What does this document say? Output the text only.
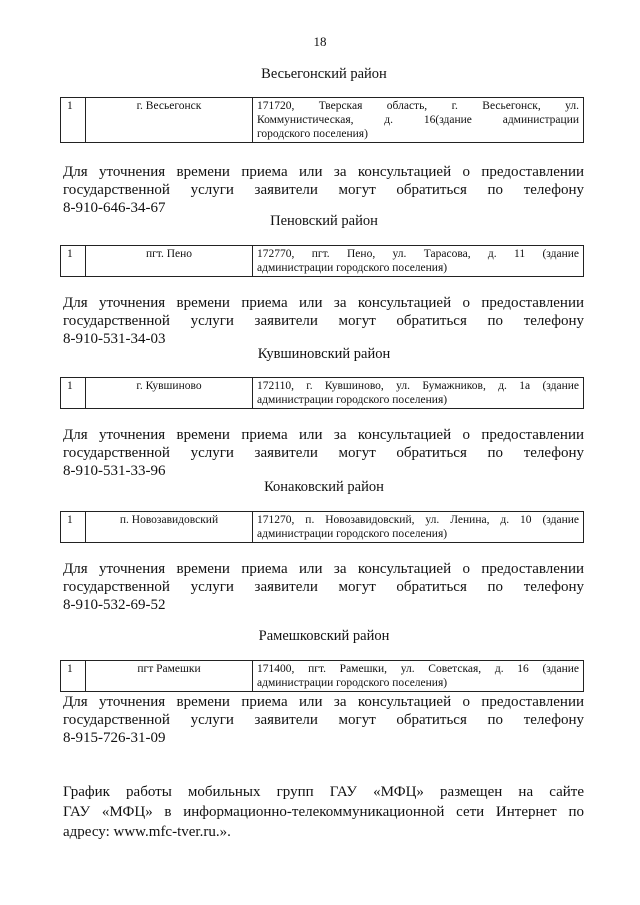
18
Весьегонский район
1	г. Весьегонск	171720, Тверская область, г. Весьегонск, ул.
Коммунистическая, д. 16(здание администрации
городского поселения)
Для уточнения времени приема или за консультацией о предоставлении
государственной услуги заявители могут обратиться по телефону
8-910-646-34-67
Пеновский район
1	пгт. Пено	172770, пгт. Пено, ул. Тарасова, д. 11 (здание
администрации городского поселения)
Для уточнения времени приема или за консультацией о предоставлении
государственной услуги заявители могут обратиться по телефону
8-910-531-34-03
Кувшиновский район
1	г. Кувшиново	172110, г. Кувшиново, ул. Бумажников, д. 1а (здание
администрации городского поселения)
Для уточнения времени приема или за консультацией о предоставлении
государственной услуги заявители могут обратиться по телефону
8-910-531-33-96
Конаковский район
1	п. Новозавидовский	171270, п. Новозавидовский, ул. Ленина, д. 10 (здание
администрации городского поселения)
Для уточнения времени приема или за консультацией о предоставлении
государственной услуги заявители могут обратиться по телефону
8-910-532-69-52
Рамешковский район
1	пгт Рамешки	171400, пгт. Рамешки, ул. Советская, д. 16 (здание
администрации городского поселения)
Для уточнения времени приема или за консультацией о предоставлении
государственной услуги заявители могут обратиться по телефону
8-915-726-31-09
График работы мобильных групп ГАУ «МФЦ» размещен на сайте
ГАУ «МФЦ» в информационно-телекоммуникационной сети Интернет по
адресу: www.mfc-tver.ru.».
